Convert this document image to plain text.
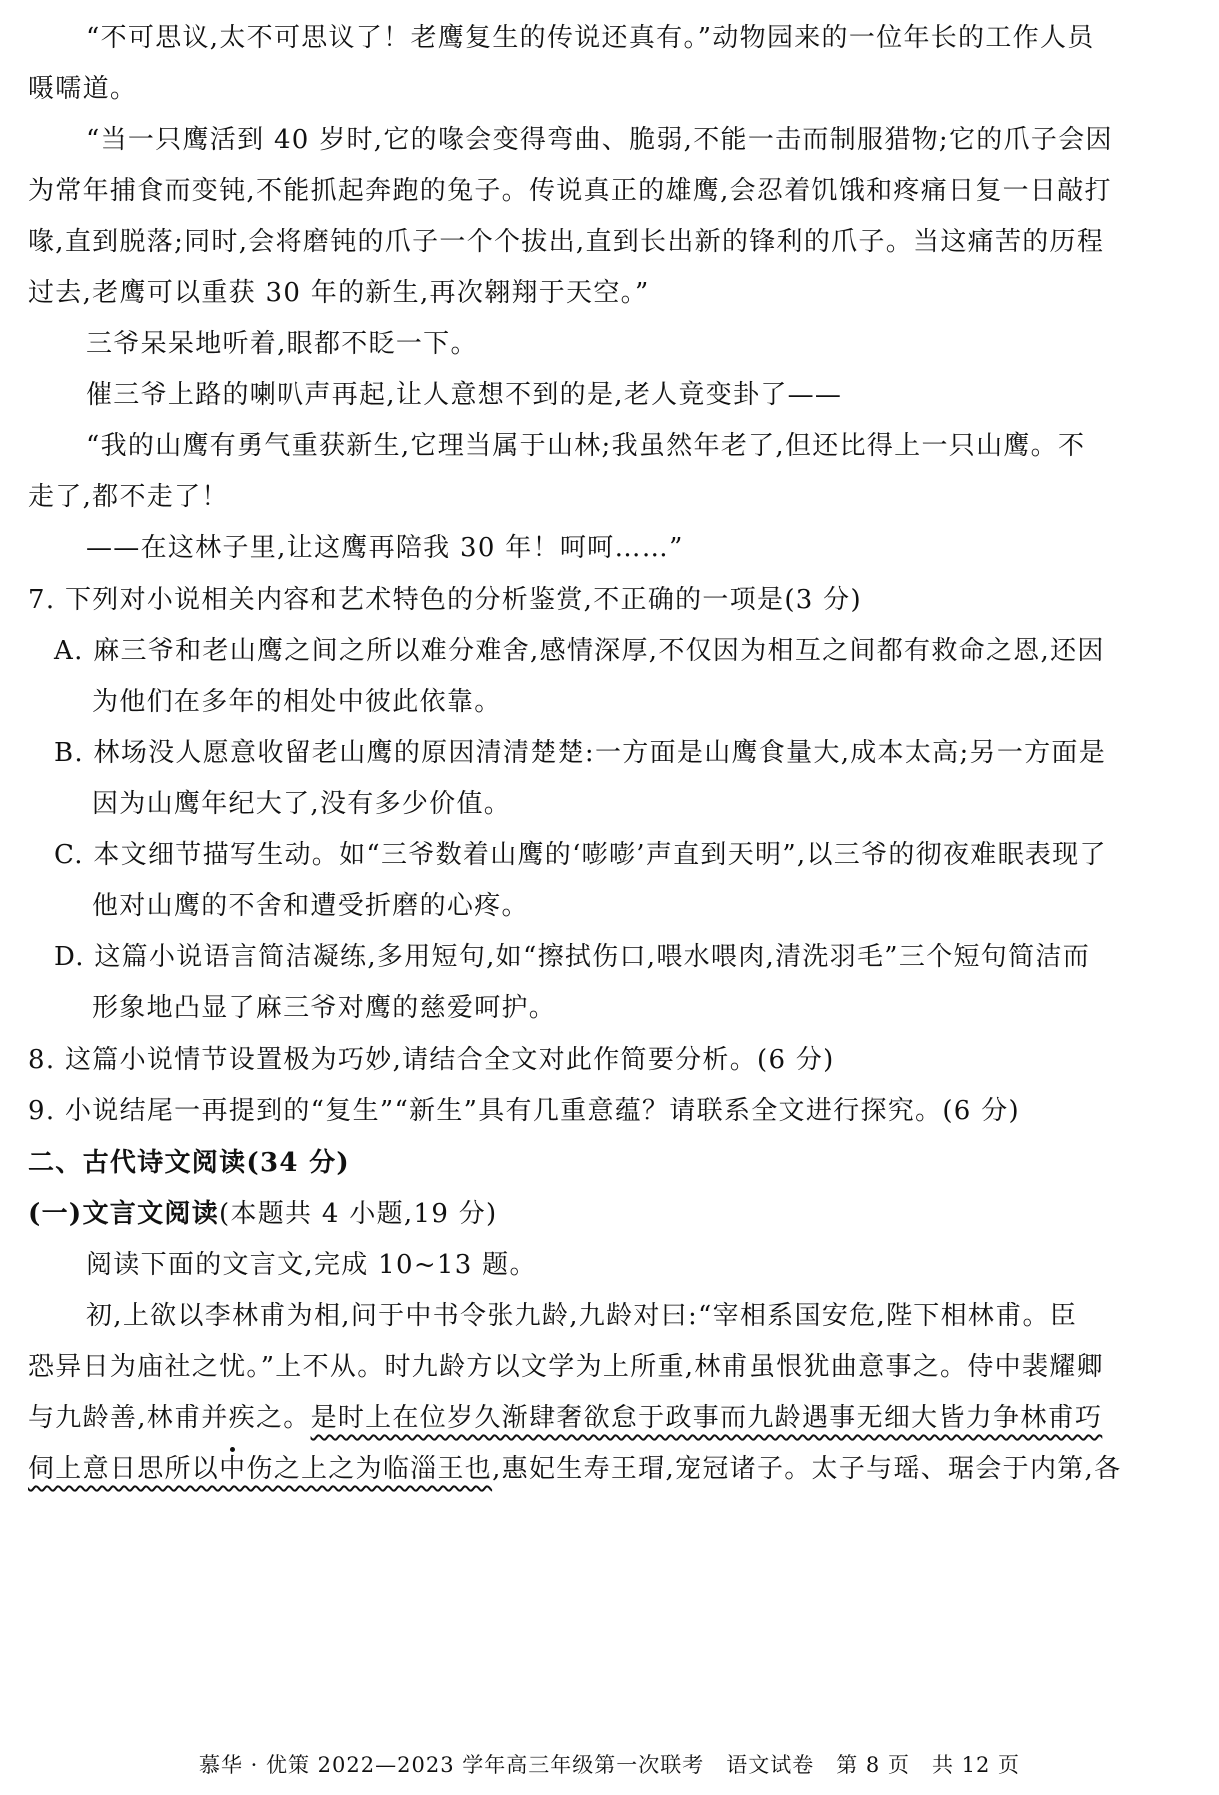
“不可思议,太不可思议了！老鹰复生的传说还真有。”动物园来的一位年长的工作人员
嗫嚅道。
“当一只鹰活到 40 岁时,它的喙会变得弯曲、脆弱,不能一击而制服猎物;它的爪子会因
为常年捕食而变钝,不能抓起奔跑的兔子。传说真正的雄鹰,会忍着饥饿和疼痛日复一日敲打
喙,直到脱落;同时,会将磨钝的爪子一个个拔出,直到长出新的锋利的爪子。当这痛苦的历程
过去,老鹰可以重获 30 年的新生,再次翱翔于天空。”
三爷呆呆地听着,眼都不眨一下。
催三爷上路的喇叭声再起,让人意想不到的是,老人竟变卦了——
“我的山鹰有勇气重获新生,它理当属于山林;我虽然年老了,但还比得上一只山鹰。不
走了,都不走了！
——在这林子里,让这鹰再陪我 30 年！呵呵……”
7. 下列对小说相关内容和艺术特色的分析鉴赏,不正确的一项是(3 分)
A. 麻三爷和老山鹰之间之所以难分难舍,感情深厚,不仅因为相互之间都有救命之恩,还因
为他们在多年的相处中彼此依靠。
B. 林场没人愿意收留老山鹰的原因清清楚楚:一方面是山鹰食量大,成本太高;另一方面是
因为山鹰年纪大了,没有多少价值。
C. 本文细节描写生动。如“三爷数着山鹰的‘嘭嘭’声直到天明”,以三爷的彻夜难眠表现了
他对山鹰的不舍和遭受折磨的心疼。
D. 这篇小说语言简洁凝练,多用短句,如“擦拭伤口,喂水喂肉,清洗羽毛”三个短句简洁而
形象地凸显了麻三爷对鹰的慈爱呵护。
8. 这篇小说情节设置极为巧妙,请结合全文对此作简要分析。(6 分)
9. 小说结尾一再提到的“复生”“新生”具有几重意蕴？请联系全文进行探究。(6 分)
二、古代诗文阅读(34 分)
(一)文言文阅读(本题共 4 小题,19 分)
阅读下面的文言文,完成 10~13 题。
初,上欲以李林甫为相,问于中书令张九龄,九龄对曰:“宰相系国安危,陛下相林甫。臣
恐异日为庙社之忧。”上不从。时九龄方以文学为上所重,林甫虽恨犹曲意事之。侍中裴耀卿
与九龄善,林甫并疾之。是时上在位岁久渐肆奢欲怠于政事而九龄遇事无细大皆力争林甫巧
伺上意日思所以中伤之上之为临淄王也,惠妃生寿王瑁,宠冠诸子。太子与瑶、琚会于内第,各
慕华 · 优策 2022—2023 学年高三年级第一次联考　语文试卷　第 8 页　共 12 页
